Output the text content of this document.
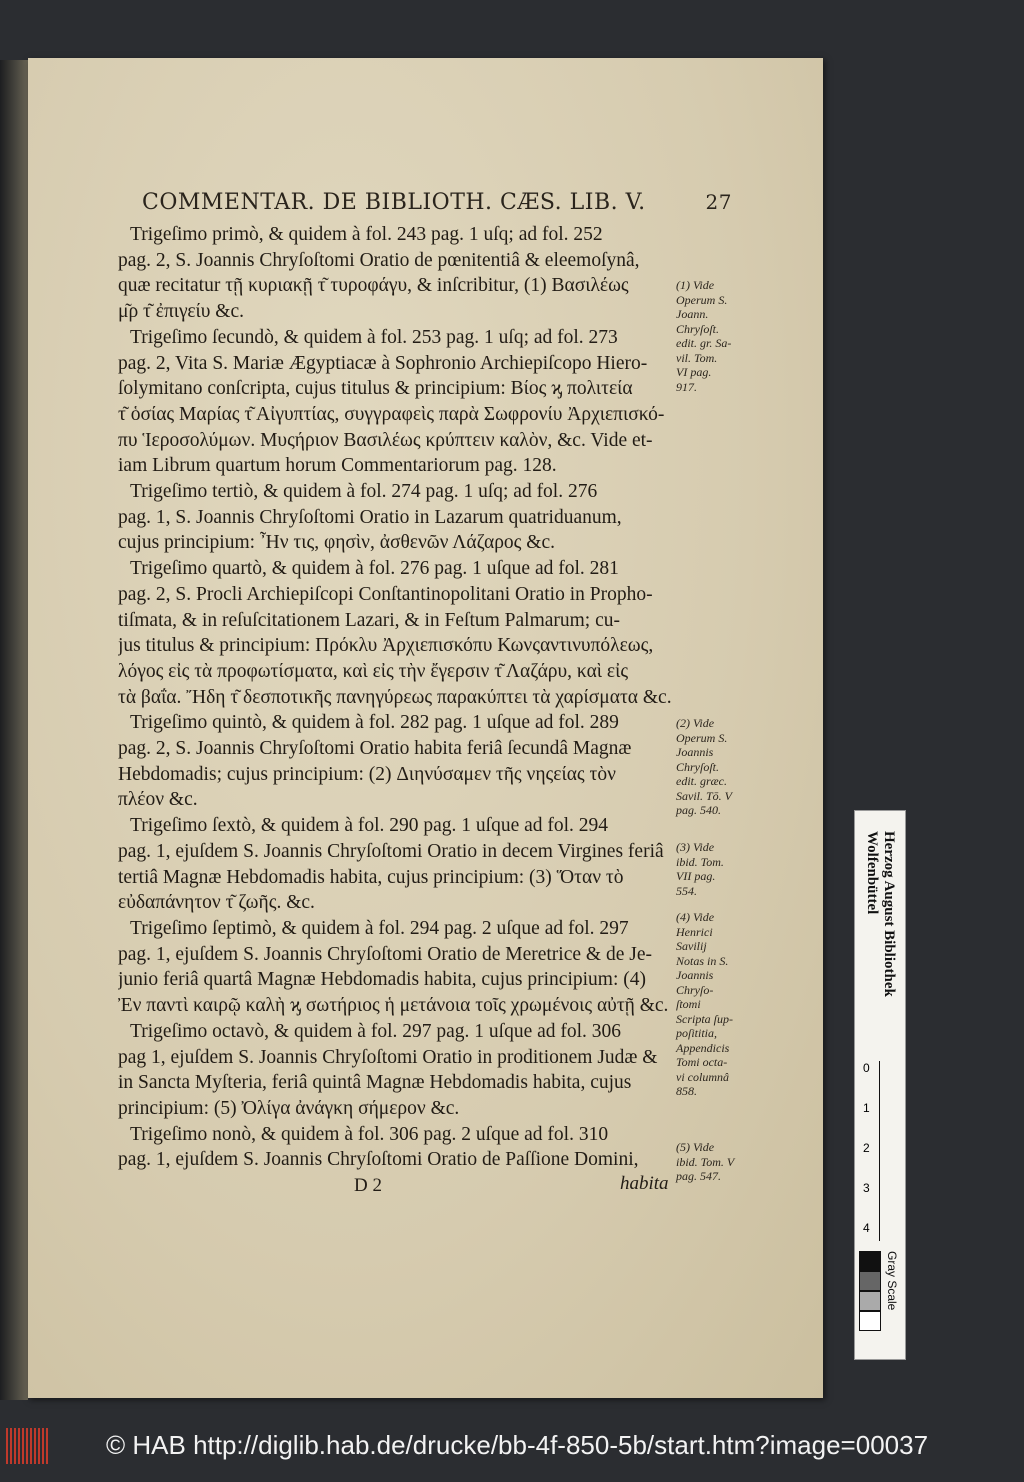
COMMENTAR. DE BIBLIOTH. CÆS. LIB. V.	27
Trigeſimo primò, & quidem à fol. 243 pag. 1 uſq; ad fol. 252
pag. 2, S. Joannis Chryſoſtomi Oratio de pœnitentiâ & eleemoſynâ,
quæ recitatur τῇ κυριακῇ τ͂ τυροφάγυ, & inſcribitur, (1) Βασιλέως
μ͂ρ τ͂ ἐπιγείυ &c.
Trigeſimo ſecundò, & quidem à fol. 253 pag. 1 uſq; ad fol. 273
pag. 2, Vita S. Mariæ Ægyptiacæ à Sophronio Archiepiſcopo Hiero-
ſolymitano conſcripta, cujus titulus & principium: Βίος ϗ πολιτεία
τ͂ ὁσίας Μαρίας τ͂ Αἰγυπτίας, συγγραφεὶς παρὰ Σωφρονίυ Ἀρχιεπισκό-
πυ Ἱεροσολύμων. Μυςήριον Βασιλέως κρύπτειν καλὸν, &c. Vide et-
iam Librum quartum horum Commentariorum pag. 128.
Trigeſimo tertiò, & quidem à fol. 274 pag. 1 uſq; ad fol. 276
pag. 1, S. Joannis Chryſoſtomi Oratio in Lazarum quatriduanum,
cujus principium: Ἦν τις, φησὶν, ἀσθενῶν Λάζαρος &c.
Trigeſimo quartò, & quidem à fol. 276 pag. 1 uſque ad fol. 281
pag. 2, S. Procli Archiepiſcopi Conſtantinopolitani Oratio in Propho-
tiſmata, & in reſuſcitationem Lazari, & in Feſtum Palmarum; cu-
jus titulus & principium: Πρόκλυ Ἀρχιεπισκόπυ Κωνςαντινυπόλεως,
λόγος εἰς τὰ προφωτίσματα, καὶ εἰς τὴν ἔγερσιν τ͂ Λαζάρυ, καὶ εἰς
τὰ βαΐα. Ἤδη τ͂ δεσποτικῆς πανηγύρεως παρακύπτει τὰ χαρίσματα &c.
Trigeſimo quintò, & quidem à fol. 282 pag. 1 uſque ad fol. 289
pag. 2, S. Joannis Chryſoſtomi Oratio habita feriâ ſecundâ Magnæ
Hebdomadis; cujus principium: (2) Διηνύσαμεν τῆς νηςείας τὸν
πλέον &c.
Trigeſimo ſextò, & quidem à fol. 290 pag. 1 uſque ad fol. 294
pag. 1, ejuſdem S. Joannis Chryſoſtomi Oratio in decem Virgines feriâ
tertiâ Magnæ Hebdomadis habita, cujus principium: (3) Ὅταν τὸ
εὐδαπάνητον τ͂ ζωῆς. &c.
Trigeſimo ſeptimò, & quidem à fol. 294 pag. 2 uſque ad fol. 297
pag. 1, ejuſdem S. Joannis Chryſoſtomi Oratio de Meretrice & de Je-
junio feriâ quartâ Magnæ Hebdomadis habita, cujus principium: (4)
Ἐν παντὶ καιρῷ καλὴ ϗ σωτήριος ἡ μετάνοια τοῖς χρωμένοις αὐτῇ &c.
Trigeſimo octavò, & quidem à fol. 297 pag. 1 uſque ad fol. 306
pag 1, ejuſdem S. Joannis Chryſoſtomi Oratio in proditionem Judæ &
in Sancta Myſteria, feriâ quintâ Magnæ Hebdomadis habita, cujus
principium: (5) Ὀλίγα ἀνάγκη σήμερον &c.
Trigeſimo nonò, & quidem à fol. 306 pag. 2 uſque ad fol. 310
pag. 1, ejuſdem S. Joannis Chryſoſtomi Oratio de Paſſione Domini,
(1) Vide
Operum S.
Joann.
Chryſoſt.
edit. gr. Sa-
vil. Tom.
VI pag.
917.
(2) Vide
Operum S.
Joannis
Chryſoſt.
edit. græc.
Savil. Tō. V
pag. 540.
(3) Vide
ibid. Tom.
VII pag.
554.
(4) Vide
Henrici
Savilij
Notas in S.
Joannis
Chryſo-
ſtomi
Scripta ſup-
poſititia,
Appendicis
Tomi octa-
vi columnâ
858.
(5) Vide
ibid. Tom. V
pag. 547.
D 2	habita
Herzog August Bibliothek
Wolfenbüttel
0
1
2
3
4
Gray Scale
© HAB http://diglib.hab.de/drucke/bb-4f-850-5b/start.htm?image=00037
